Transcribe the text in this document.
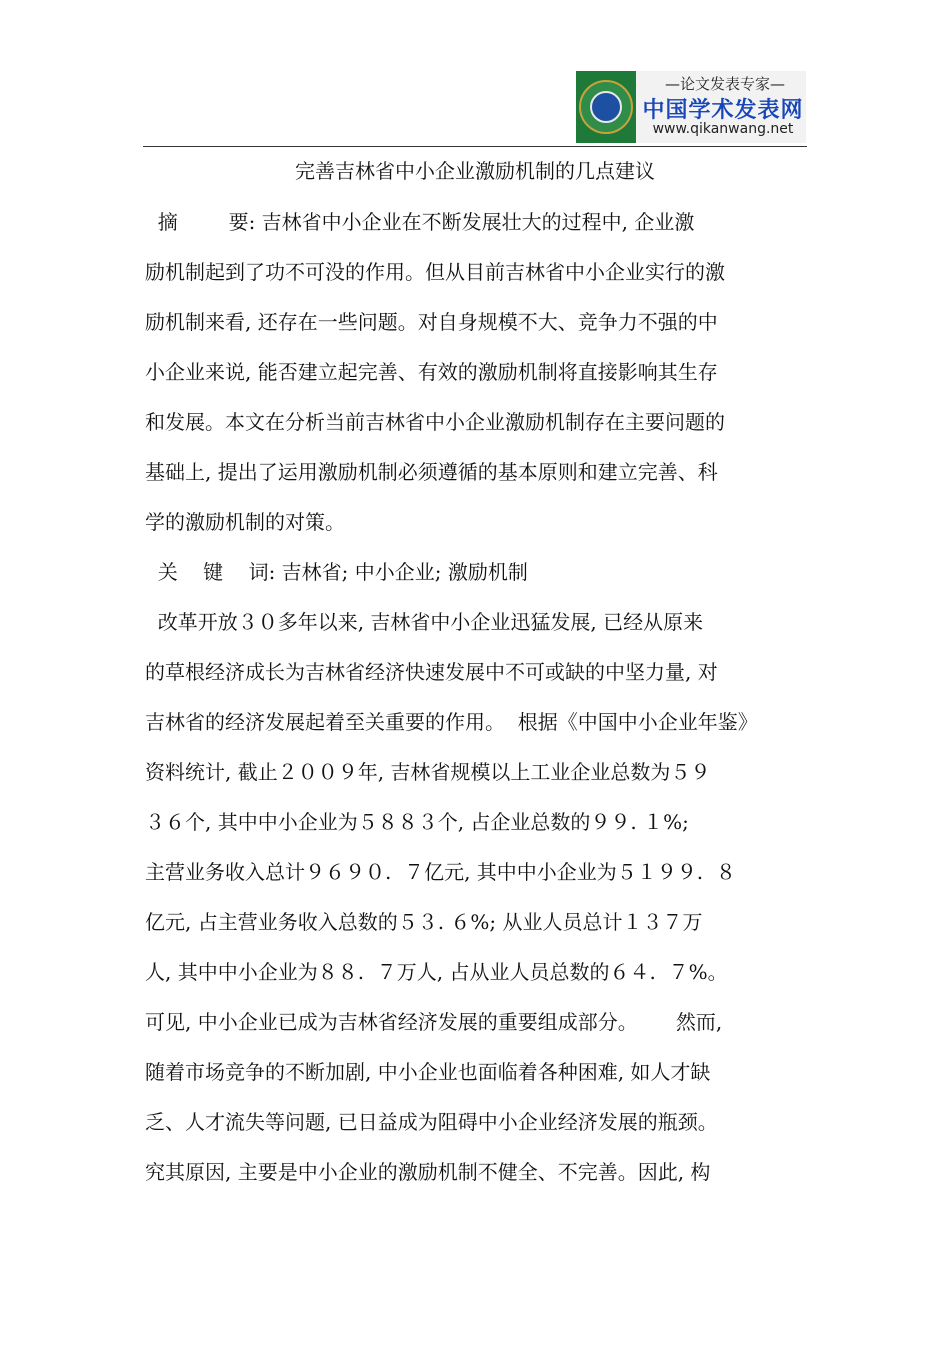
—论文发表专家—
中国学术发表网
www.qikanwang.net
完善吉林省中小企业激励机制的几点建议
摘        要: 吉林省中小企业在不断发展壮大的过程中, 企业激
励机制起到了功不可没的作用。但从目前吉林省中小企业实行的激
励机制来看, 还存在一些问题。对自身规模不大、竞争力不强的中
小企业来说, 能否建立起完善、有效的激励机制将直接影响其生存
和发展。本文在分析当前吉林省中小企业激励机制存在主要问题的
基础上, 提出了运用激励机制必须遵循的基本原则和建立完善、科
学的激励机制的对策。
关    键    词: 吉林省; 中小企业; 激励机制
改革开放３０多年以来, 吉林省中小企业迅猛发展, 已经从原来
的草根经济成长为吉林省经济快速发展中不可或缺的中坚力量, 对
吉林省的经济发展起着至关重要的作用。  根据《中国中小企业年鉴》
资料统计, 截止２００９年, 吉林省规模以上工业企业总数为５９
３６个, 其中中小企业为５８８３个, 占企业总数的９９. １%;
主营业务收入总计９６９０.  ７亿元, 其中中小企业为５１９９.  ８
亿元, 占主营业务收入总数的５３. ６%; 从业人员总计１３７万
人, 其中中小企业为８８.  ７万人, 占从业人员总数的６４.  ７%。
可见, 中小企业已成为吉林省经济发展的重要组成部分。      然而,
随着市场竞争的不断加剧, 中小企业也面临着各种困难, 如人才缺
乏、人才流失等问题, 已日益成为阻碍中小企业经济发展的瓶颈。
究其原因, 主要是中小企业的激励机制不健全、不完善。因此, 构
